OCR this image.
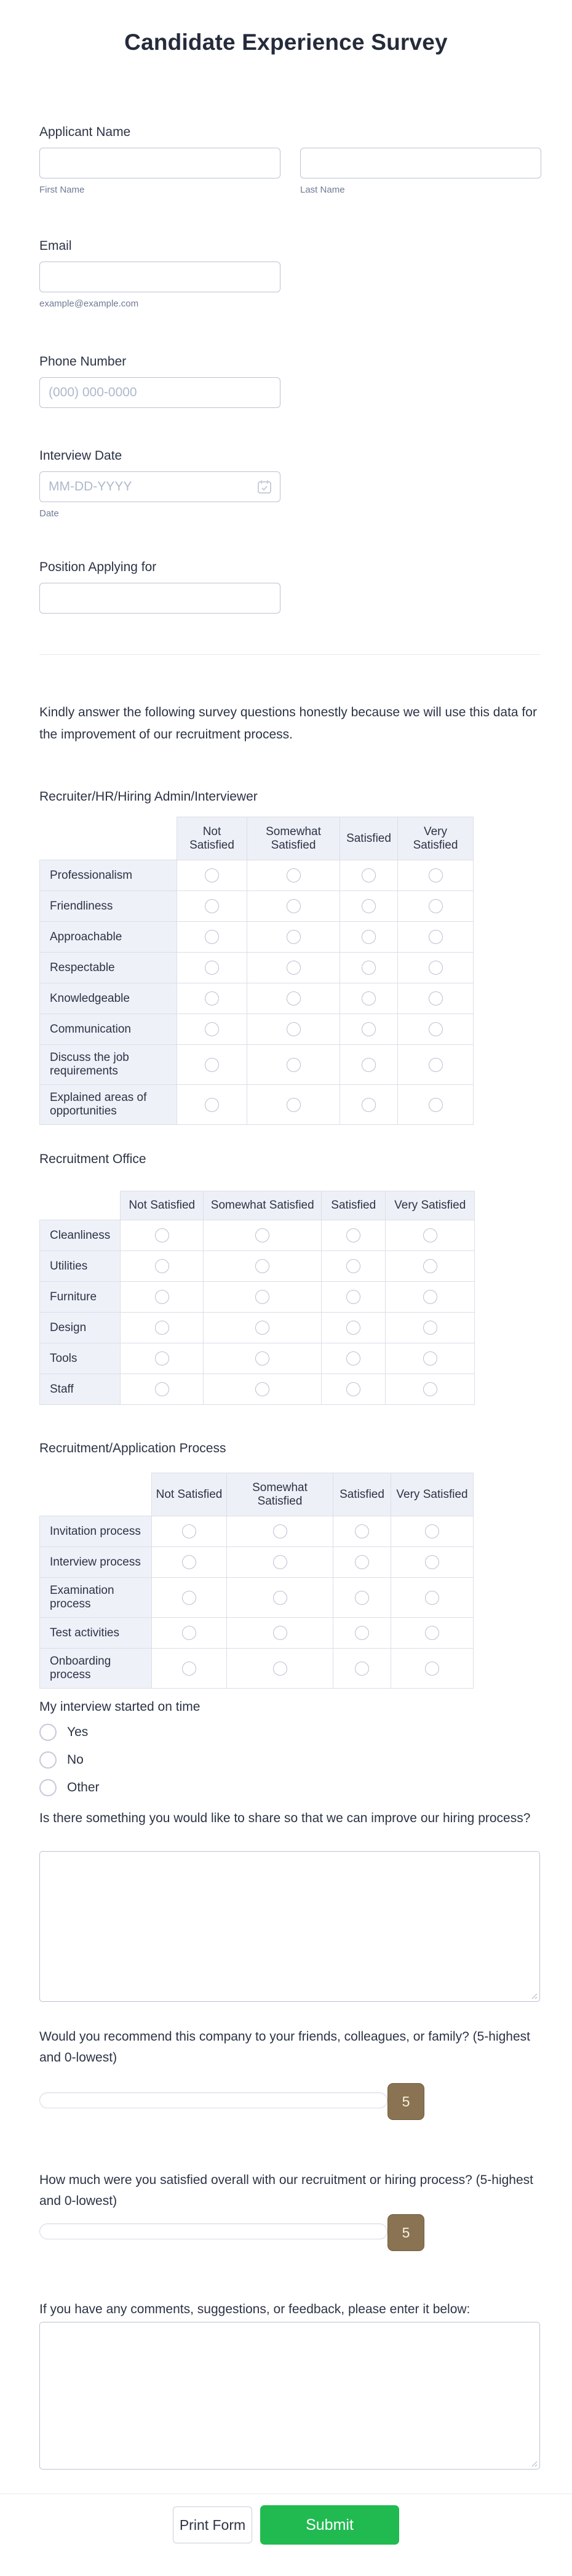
Candidate Experience Survey
Applicant Name
First Name	Last Name
Email
example@example.com
Phone Number
(000) 000-0000
Interview Date
MM-DD-YYYY
Date
Position Applying for
Kindly answer the following survey questions honestly because we will use this data for the improvement of our recruitment process.
Recruiter/HR/Hiring Admin/Interviewer
	Not Satisfied	Somewhat Satisfied	Satisfied	Very Satisfied
Professionalism				
Friendliness				
Approachable				
Respectable				
Knowledgeable				
Communication				
Discuss the job requirements				
Explained areas of opportunities				
Recruitment Office
	Not Satisfied	Somewhat Satisfied	Satisfied	Very Satisfied
Cleanliness				
Utilities				
Furniture				
Design				
Tools				
Staff				
Recruitment/Application Process
	Not Satisfied	Somewhat Satisfied	Satisfied	Very Satisfied
Invitation process				
Interview process				
Examination process				
Test activities				
Onboarding process				
My interview started on time
Yes
No
Other
Is there something you would like to share so that we can improve our hiring process?
Would you recommend this company to your friends, colleagues, or family? (5-highest and 0-lowest)
5
How much were you satisfied overall with our recruitment or hiring process? (5-highest and 0-lowest)
5
If you have any comments, suggestions, or feedback, please enter it below:
Print Form	Submit
